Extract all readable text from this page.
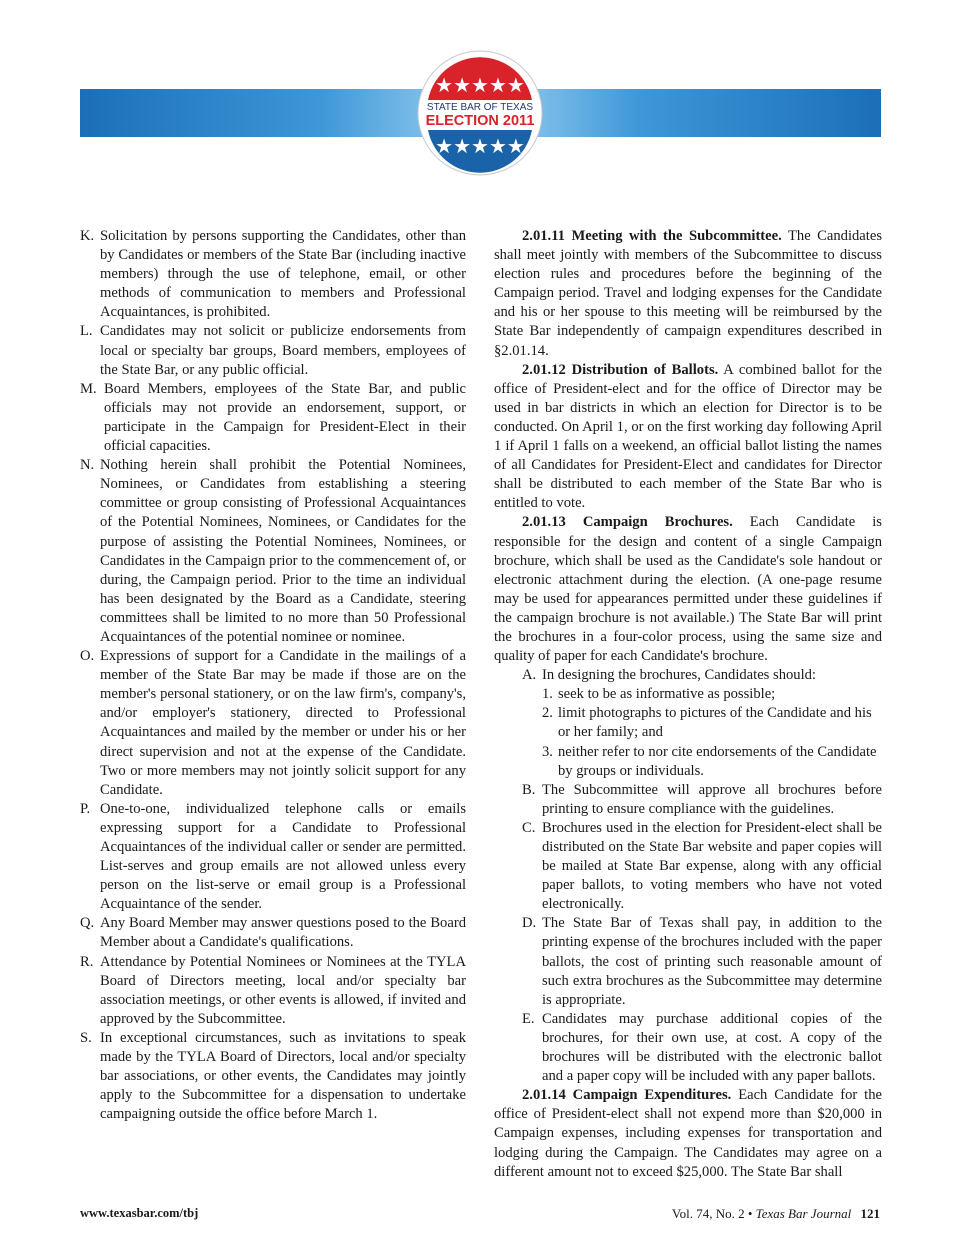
★★★★★
★★★★★
STATE BAR OF TEXAS
ELECTION 2011
K. Solicitation by persons supporting the Candidates, other than by Candidates or members of the State Bar (including inactive members) through the use of telephone, email, or other methods of communication to members and Professional Acquaintances, is prohibited.
L. Candidates may not solicit or publicize endorsements from local or specialty bar groups, Board members, employees of the State Bar, or any public official.
M. Board Members, employees of the State Bar, and public officials may not provide an endorsement, support, or participate in the Campaign for President-Elect in their official capacities.
N. Nothing herein shall prohibit the Potential Nominees, Nominees, or Candidates from establishing a steering committee or group consisting of Professional Acquaintances of the Potential Nominees, Nominees, or Candidates for the purpose of assisting the Potential Nominees, Nominees, or Candidates in the Campaign prior to the commencement of, or during, the Campaign period. Prior to the time an individual has been designated by the Board as a Candidate, steering committees shall be limited to no more than 50 Professional Acquaintances of the potential nominee or nominee.
O. Expressions of support for a Candidate in the mailings of a member of the State Bar may be made if those are on the member's personal stationery, or on the law firm's, company's, and/or employer's stationery, directed to Professional Acquaintances and mailed by the member or under his or her direct supervision and not at the expense of the Candidate. Two or more members may not jointly solicit support for any Candidate.
P. One-to-one, individualized telephone calls or emails expressing support for a Candidate to Professional Acquaintances of the individual caller or sender are permitted. List-serves and group emails are not allowed unless every person on the list-serve or email group is a Professional Acquaintance of the sender.
Q. Any Board Member may answer questions posed to the Board Member about a Candidate's qualifications.
R. Attendance by Potential Nominees or Nominees at the TYLA Board of Directors meeting, local and/or specialty bar association meetings, or other events is allowed, if invited and approved by the Subcommittee.
S. In exceptional circumstances, such as invitations to speak made by the TYLA Board of Directors, local and/or specialty bar associations, or other events, the Candidates may jointly apply to the Subcommittee for a dispensation to undertake campaigning outside the office before March 1.

2.01.11 Meeting with the Subcommittee. The Candidates shall meet jointly with members of the Subcommittee to discuss election rules and procedures before the beginning of the Campaign period. Travel and lodging expenses for the Candidate and his or her spouse to this meeting will be reimbursed by the State Bar independently of campaign expenditures described in §2.01.14.

2.01.12 Distribution of Ballots. A combined ballot for the office of President-elect and for the office of Director may be used in bar districts in which an election for Director is to be conducted. On April 1, or on the first working day following April 1 if April 1 falls on a weekend, an official ballot listing the names of all Candidates for President-Elect and candidates for Director shall be distributed to each member of the State Bar who is entitled to vote.

2.01.13 Campaign Brochures. Each Candidate is responsible for the design and content of a single Campaign brochure, which shall be used as the Candidate's sole handout or electronic attachment during the election. (A one-page resume may be used for appearances permitted under these guidelines if the campaign brochure is not available.) The State Bar will print the brochures in a four-color process, using the same size and quality of paper for each Candidate's brochure.

A. In designing the brochures, Candidates should:
1. seek to be as informative as possible;
2. limit photographs to pictures of the Candidate and his or her family; and
3. neither refer to nor cite endorsements of the Candidate by groups or individuals.
B. The Subcommittee will approve all brochures before printing to ensure compliance with the guidelines.
C. Brochures used in the election for President-elect shall be distributed on the State Bar website and paper copies will be mailed at State Bar expense, along with any official paper ballots, to voting members who have not voted electronically.
D. The State Bar of Texas shall pay, in addition to the printing expense of the brochures included with the paper ballots, the cost of printing such reasonable amount of such extra brochures as the Subcommittee may determine is appropriate.
E. Candidates may purchase additional copies of the brochures, for their own use, at cost. A copy of the brochures will be distributed with the electronic ballot and a paper copy will be included with any paper ballots.

2.01.14 Campaign Expenditures. Each Candidate for the office of President-elect shall not expend more than $20,000 in Campaign expenses, including expenses for transportation and lodging during the Campaign. The Candidates may agree on a different amount not to exceed $25,000. The State Bar shall

www.texasbar.com/tbj	Vol. 74, No. 2 • Texas Bar Journal 121
